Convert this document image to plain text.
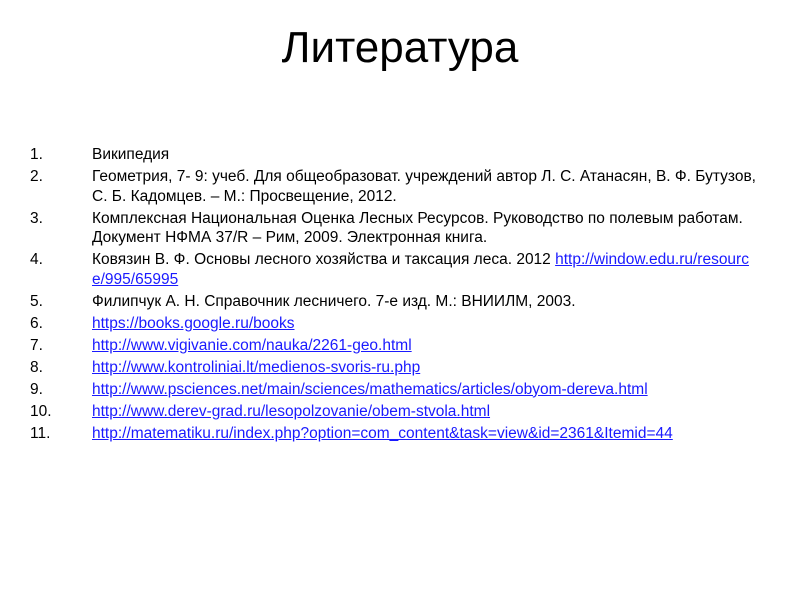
Литература
1.	Википедия
2.	Геометрия, 7- 9: учеб. Для общеобразоват. учреждений автор Л. С. Атанасян, В. Ф. Бутузов, С. Б. Кадомцев. – М.: Просвещение, 2012.
3.	Комплексная Национальная Оценка Лесных Ресурсов. Руководство по полевым работам. Документ НФМА 37/R – Рим, 2009. Электронная книга.
4.	Ковязин В. Ф. Основы лесного хозяйства и таксация леса. 2012 http://window.edu.ru/resource/995/65995
5.	Филипчук А. Н. Справочник лесничего. 7-е изд. М.: ВНИИЛМ, 2003.
6.	https://books.google.ru/books
7.	http://www.vigivanie.com/nauka/2261-geo.html
8.	http://www.kontroliniai.lt/medienos-svoris-ru.php
9.	http://www.psciences.net/main/sciences/mathematics/articles/obyom-dereva.html
10.	http://www.derev-grad.ru/lesopolzovanie/obem-stvola.html
11.	http://matematiku.ru/index.php?option=com_content&task=view&id=2361&Itemid=44
